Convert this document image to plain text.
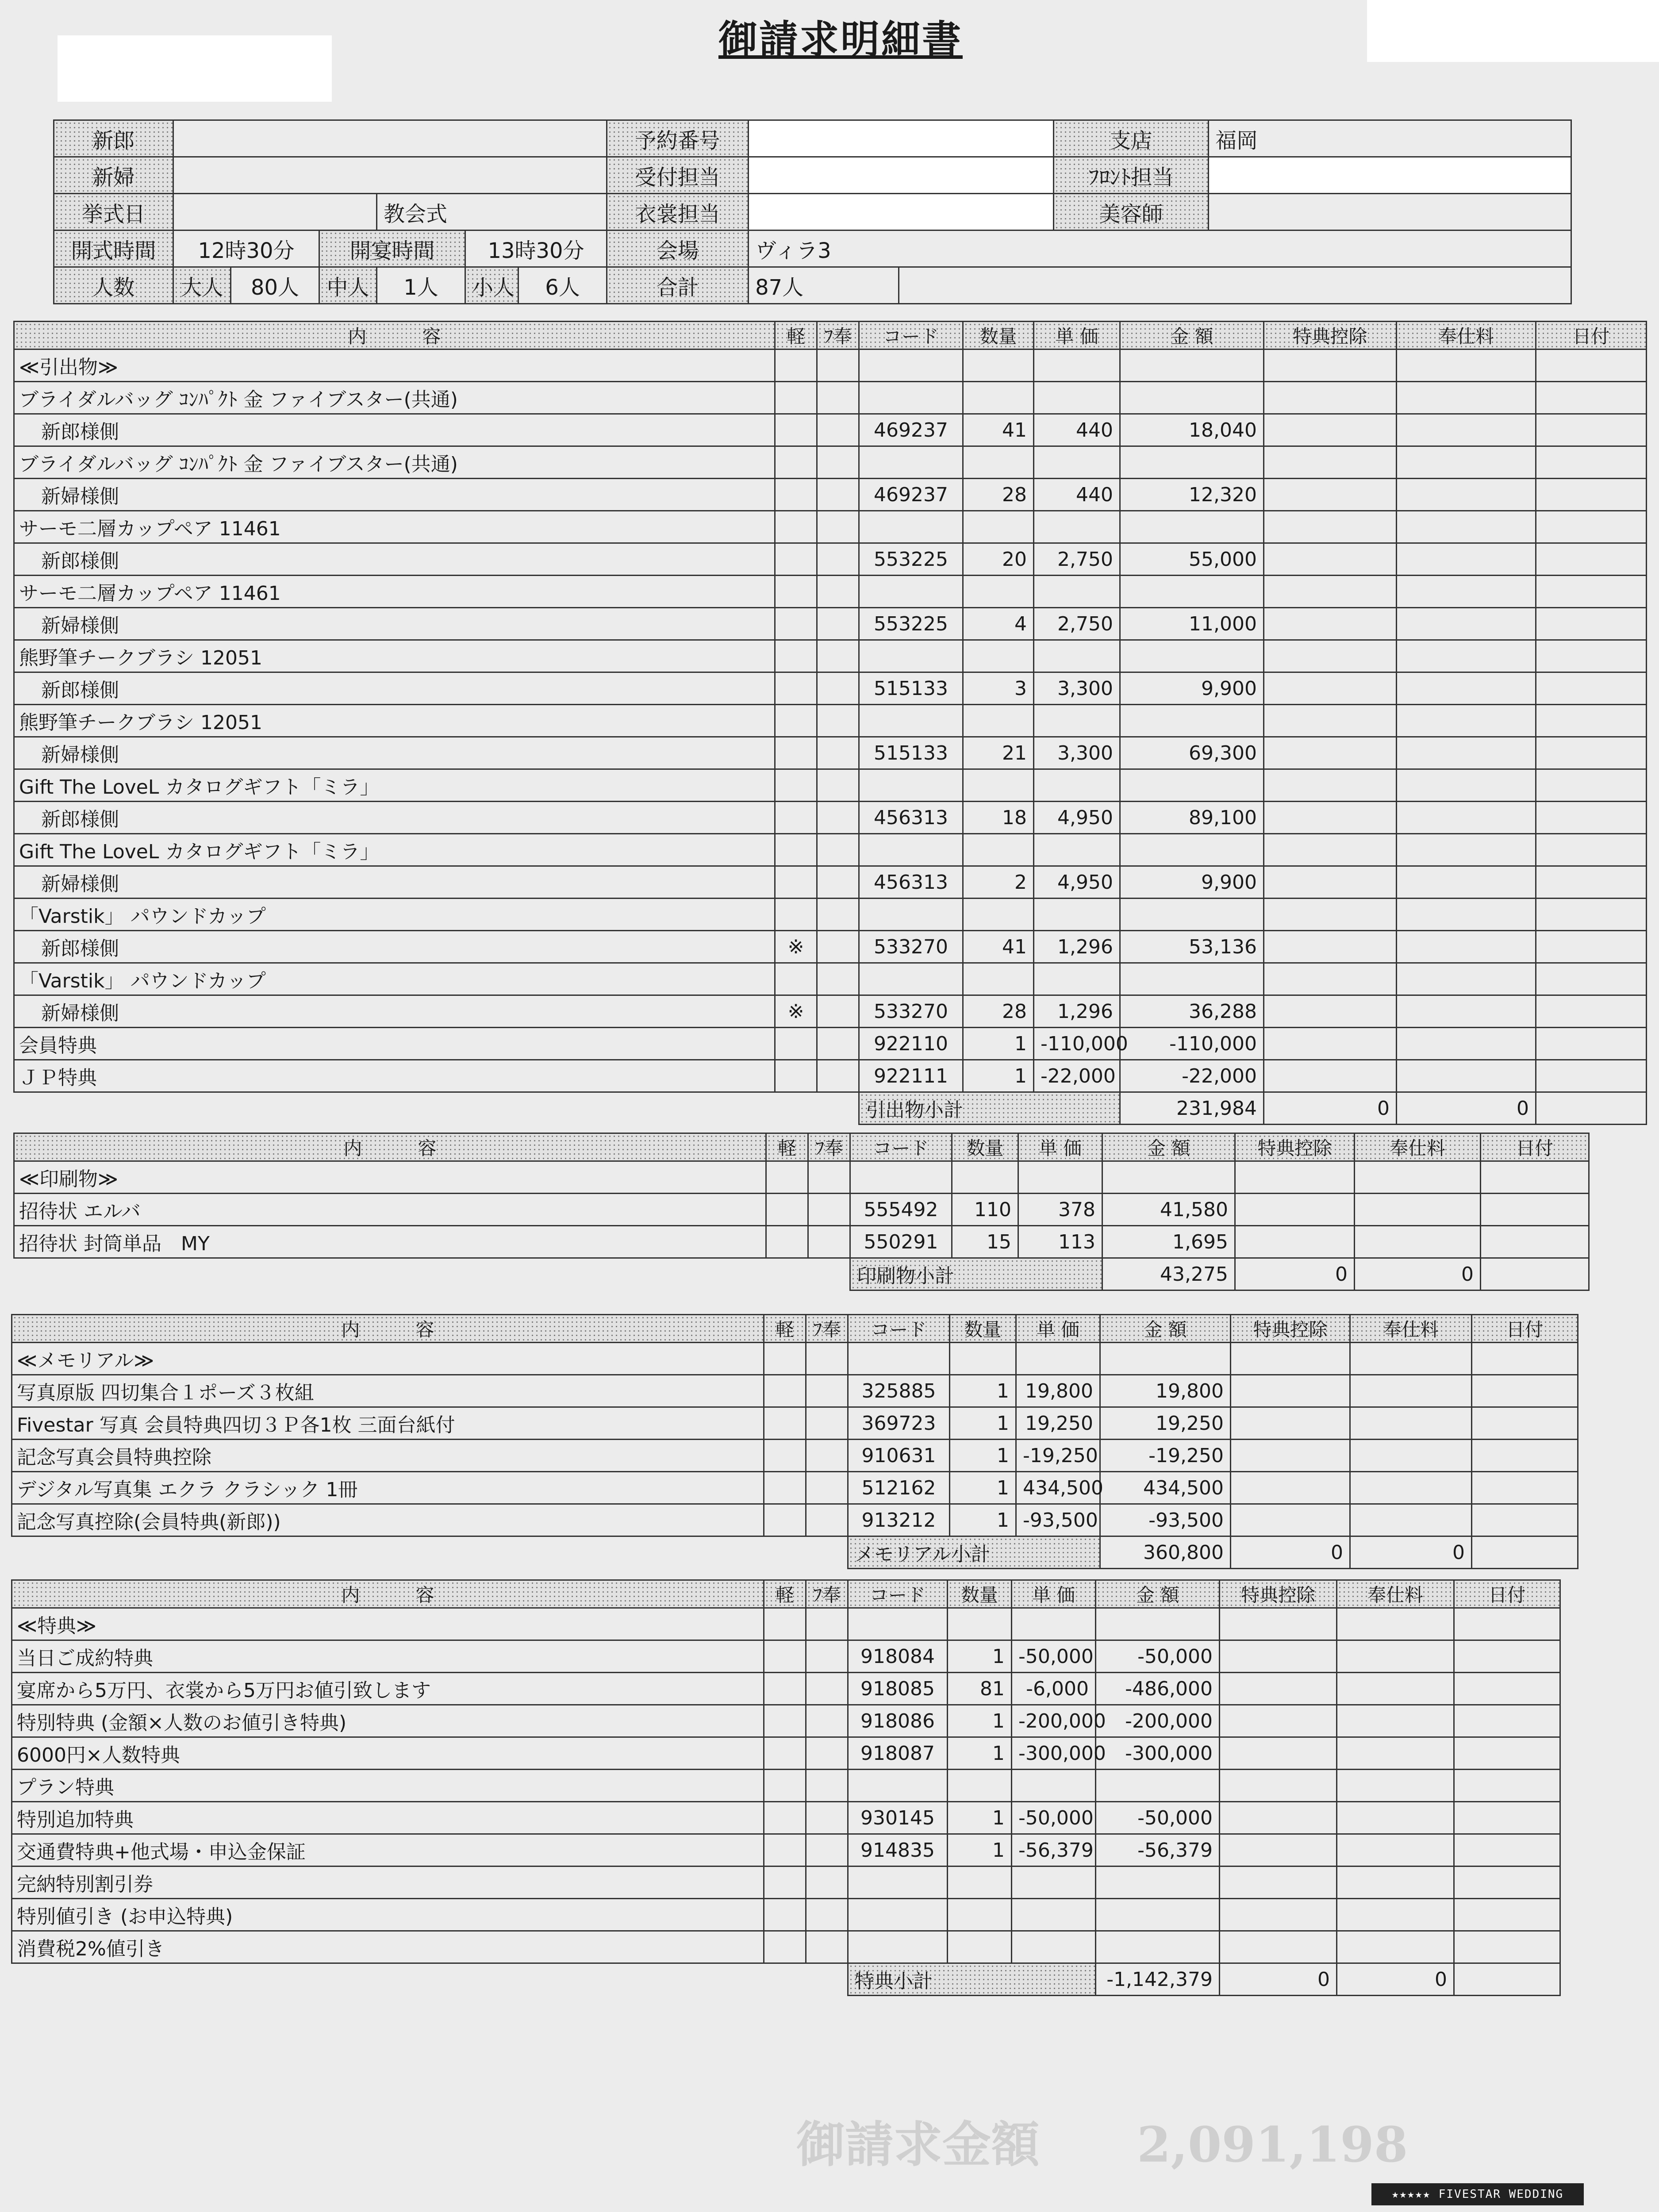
御請求明細書
新郎							予約番号			支店	福岡
新婦							受付担当			ﾌﾛﾝﾄ担当	
挙式日				教会式			衣裳担当			美容師	
開式時間	12時30分		開宴時間		13時30分		会場	ヴィラ3			
人数	大人	80人	中人	1人	小人	6人	合計	87人			
内　　　容	軽	ﾌ奉	コード	数量	単 価	金 額	特典控除	奉仕料	日付
≪引出物≫									
ブライダルバッグ ｺﾝﾊﾟｸﾄ 金 ファイブスター(共通)									
新郎様側			469237	41	440	18,040			
ブライダルバッグ ｺﾝﾊﾟｸﾄ 金 ファイブスター(共通)									
新婦様側			469237	28	440	12,320			
サーモ二層カップペア 11461									
新郎様側			553225	20	2,750	55,000			
サーモ二層カップペア 11461									
新婦様側			553225	4	2,750	11,000			
熊野筆チークブラシ 12051									
新郎様側			515133	3	3,300	9,900			
熊野筆チークブラシ 12051									
新婦様側			515133	21	3,300	69,300			
Gift The LoveL カタログギフト「ミラ」									
新郎様側			456313	18	4,950	89,100			
Gift The LoveL カタログギフト「ミラ」									
新婦様側			456313	2	4,950	9,900			
「Varstik」 パウンドカップ									
新郎様側	※		533270	41	1,296	53,136			
「Varstik」 パウンドカップ									
新婦様側	※		533270	28	1,296	36,288			
会員特典			922110	1	-110,000	-110,000			
ＪＰ特典			922111	1	-22,000	-22,000			
			引出物小計			231,984	0	0	
内　　　容	軽	ﾌ奉	コード	数量	単 価	金 額	特典控除	奉仕料	日付
≪印刷物≫									
招待状 エルバ			555492	110	378	41,580			
招待状 封筒単品　MY			550291	15	113	1,695			
			印刷物小計			43,275	0	0	
内　　　容	軽	ﾌ奉	コード	数量	単 価	金 額	特典控除	奉仕料	日付
≪メモリアル≫									
写真原版 四切集合１ポーズ３枚組			325885	1	19,800	19,800			
Fivestar 写真 会員特典四切３Ｐ各1枚 三面台紙付			369723	1	19,250	19,250			
記念写真会員特典控除			910631	1	-19,250	-19,250			
デジタル写真集 エクラ クラシック 1冊			512162	1	434,500	434,500			
記念写真控除(会員特典(新郎))			913212	1	-93,500	-93,500			
			メモリアル小計			360,800	0	0	
内　　　容	軽	ﾌ奉	コード	数量	単 価	金 額	特典控除	奉仕料	日付
≪特典≫									
当日ご成約特典			918084	1	-50,000	-50,000			
宴席から5万円、衣裳から5万円お値引致します			918085	81	-6,000	-486,000			
特別特典 (金額×人数のお値引き特典)			918086	1	-200,000	-200,000			
6000円×人数特典			918087	1	-300,000	-300,000			
プラン特典									
特別追加特典			930145	1	-50,000	-50,000			
交通費特典+他式場・申込金保証			914835	1	-56,379	-56,379			
完納特別割引券									
特別値引き (お申込特典)									
消費税2%値引き									
			特典小計			-1,142,379	0	0	
御請求金額　　2,091,198
★★★★★ FIVESTAR WEDDING
